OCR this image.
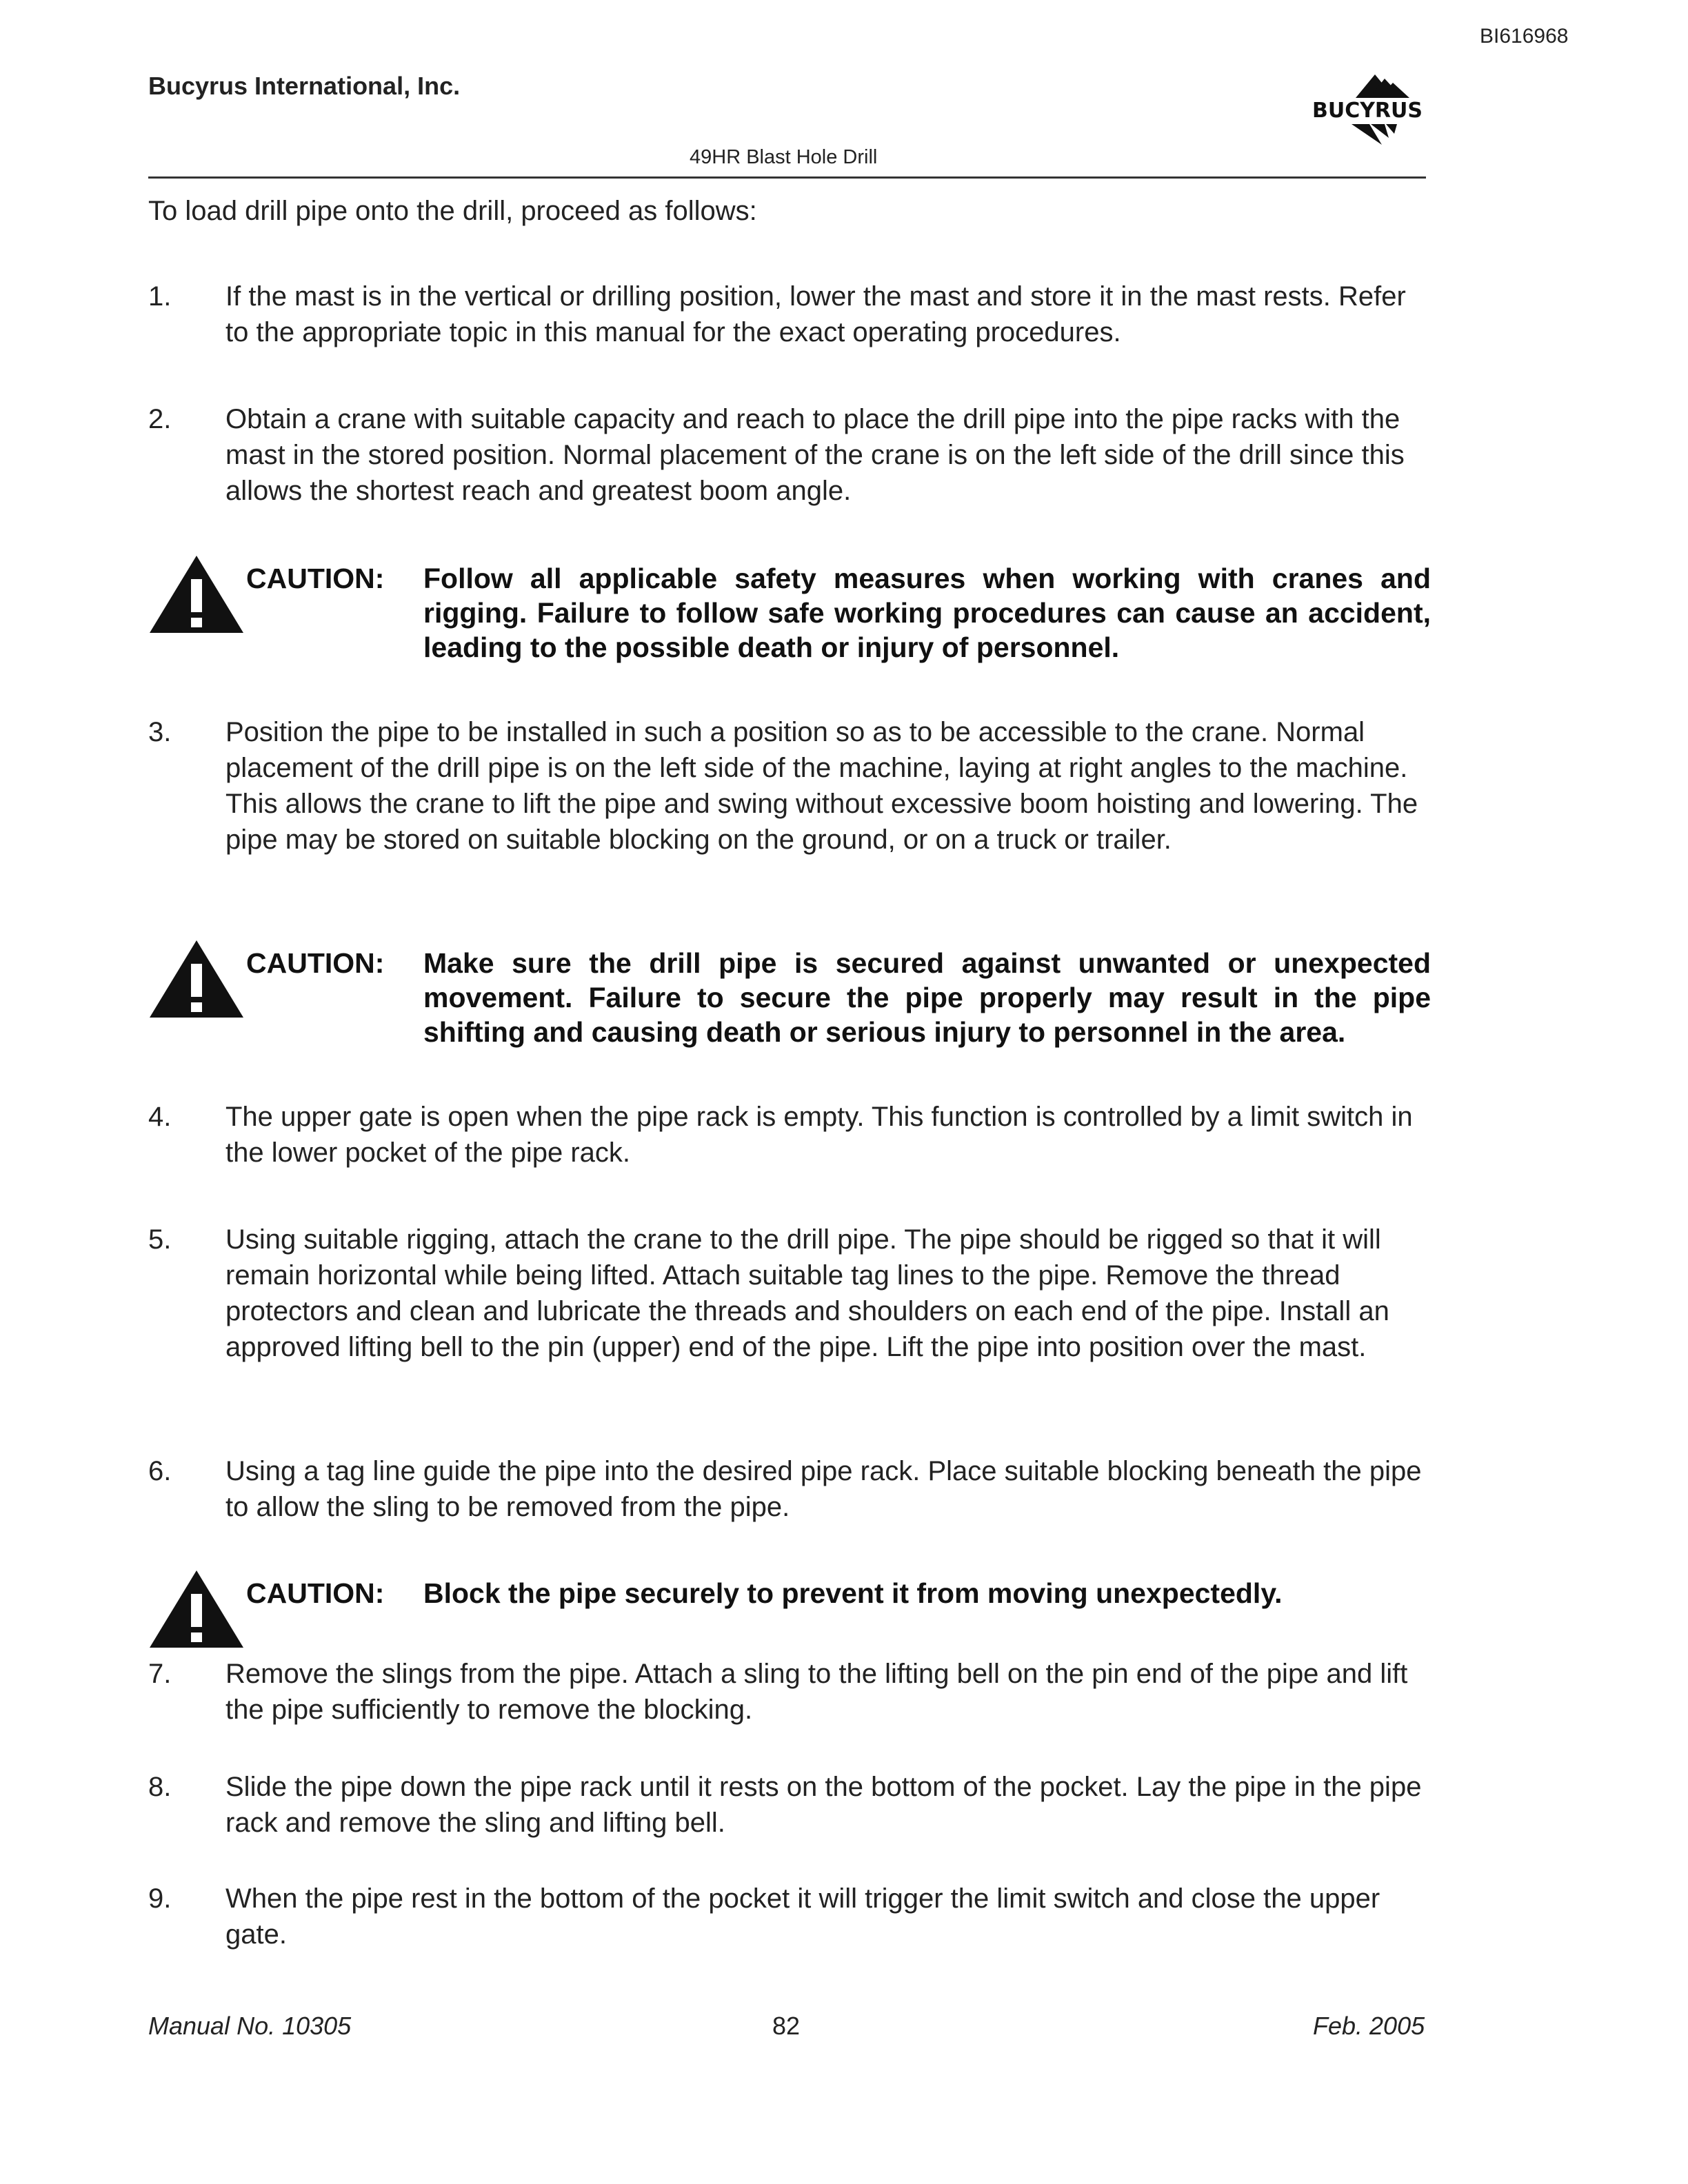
BI616968
Bucyrus International, Inc.
BUCYRUS
49HR Blast Hole Drill
To load drill pipe onto the drill, proceed as follows:
1. If the mast is in the vertical or drilling position, lower the mast and store it in the mast rests. Refer to the appropriate topic in this manual for the exact operating procedures.
2. Obtain a crane with suitable capacity and reach to place the drill pipe into the pipe racks with the mast in the stored position. Normal placement of the crane is on the left side of the drill since this allows the shortest reach and greatest boom angle.
CAUTION: Follow all applicable safety measures when working with cranes and rigging. Failure to follow safe working procedures can cause an accident, leading to the possible death or injury of personnel.
3. Position the pipe to be installed in such a position so as to be accessible to the crane. Normal placement of the drill pipe is on the left side of the machine, laying at right angles to the machine. This allows the crane to lift the pipe and swing without excessive boom hoisting and lowering. The pipe may be stored on suitable blocking on the ground, or on a truck or trailer.
CAUTION: Make sure the drill pipe is secured against unwanted or unexpected movement. Failure to secure the pipe properly may result in the pipe shifting and causing death or serious injury to personnel in the area.
4. The upper gate is open when the pipe rack is empty. This function is controlled by a limit switch in the lower pocket of the pipe rack.
5. Using suitable rigging, attach the crane to the drill pipe. The pipe should be rigged so that it will remain horizontal while being lifted. Attach suitable tag lines to the pipe. Remove the thread protectors and clean and lubricate the threads and shoulders on each end of the pipe. Install an approved lifting bell to the pin (upper) end of the pipe. Lift the pipe into position over the mast.
6. Using a tag line guide the pipe into the desired pipe rack. Place suitable blocking beneath the pipe to allow the sling to be removed from the pipe.
CAUTION: Block the pipe securely to prevent it from moving unexpectedly.
7. Remove the slings from the pipe. Attach a sling to the lifting bell on the pin end of the pipe and lift the pipe sufficiently to remove the blocking.
8. Slide the pipe down the pipe rack until it rests on the bottom of the pocket. Lay the pipe in the pipe rack and remove the sling and lifting bell.
9. When the pipe rest in the bottom of the pocket it will trigger the limit switch and close the upper gate.
Manual No. 10305	82	Feb. 2005
